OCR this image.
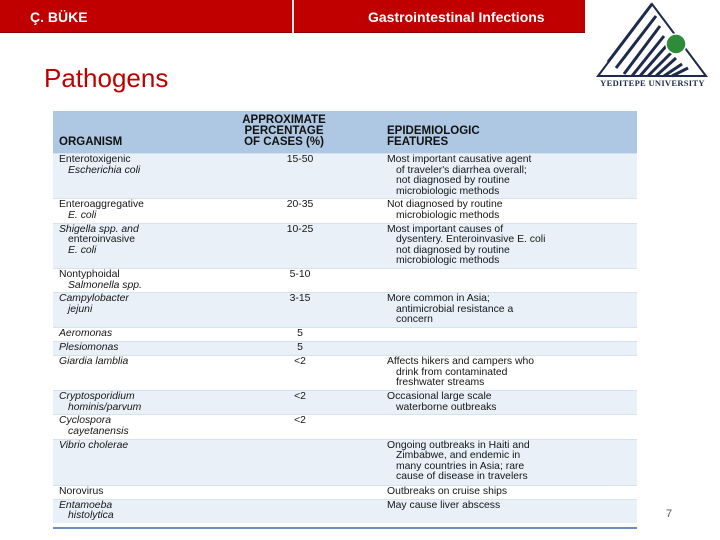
Ç. BÜKE	Gastrointestinal Infections
YEDITEPE UNIVERSITY
Pathogens
ORGANISM	APPROXIMATE
PERCENTAGE
OF CASES (%)	EPIDEMIOLOGIC
FEATURES

Enterotoxigenic
Escherichia coli	15-50	Most important causative agent
of traveler's diarrhea overall;
not diagnosed by routine
microbiologic methods

Enteroaggregative
E. coli	20-35	Not diagnosed by routine
microbiologic methods

Shigella spp. and
enteroinvasive
E. coli	10-25	Most important causes of
dysentery. Enteroinvasive E. coli
not diagnosed by routine
microbiologic methods

Nontyphoidal
Salmonella spp.	5-10	

Campylobacter
jejuni	3-15	More common in Asia;
antimicrobial resistance a
concern

Aeromonas	5	

Plesiomonas	5	

Giardia lamblia	<2	Affects hikers and campers who
drink from contaminated
freshwater streams

Cryptosporidium
hominis/parvum	<2	Occasional large scale
waterborne outbreaks

Cyclospora
cayetanensis	<2	

Vibrio cholerae		Ongoing outbreaks in Haiti and
Zimbabwe, and endemic in
many countries in Asia; rare
cause of disease in travelers

Norovirus		Outbreaks on cruise ships

Entamoeba
histolytica		May cause liver abscess
7
